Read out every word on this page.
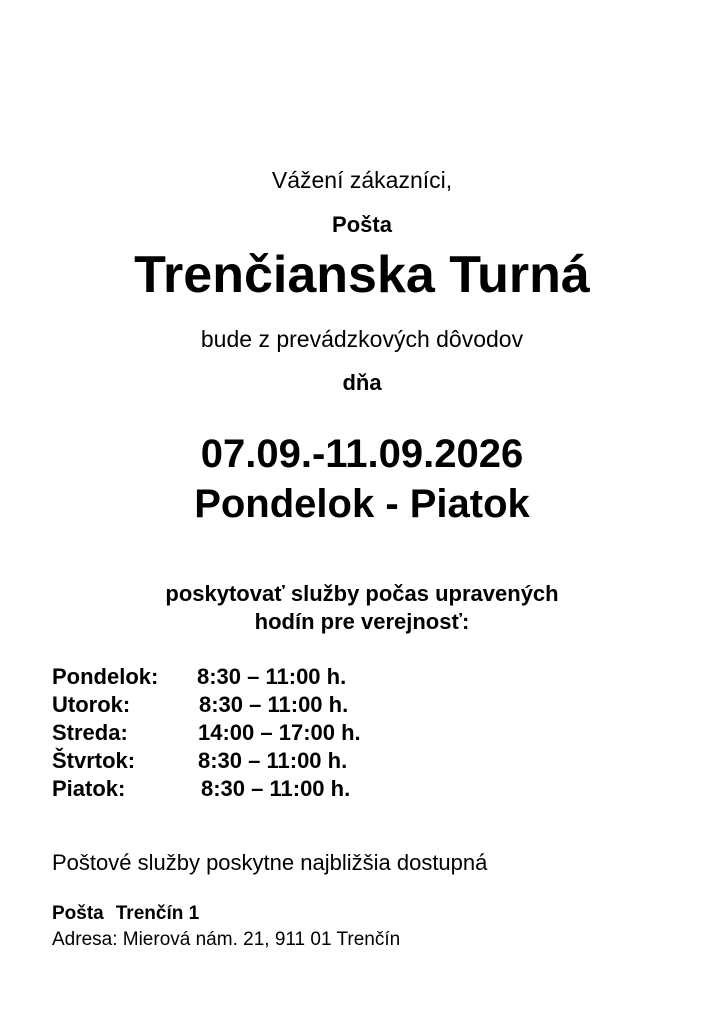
Vážení zákazníci,
Pošta
Trenčianska Turná
bude z prevádzkových dôvodov
dňa
07.09.-11.09.2026
Pondelok - Piatok
poskytovať služby počas upravených
hodín pre verejnosť:
Pondelok: 8:30 – 11:00 h.
Utorok:	8:30 – 11:00 h.
Streda:	14:00 – 17:00 h.
Štvrtok:	8:30 – 11:00 h.
Piatok:	8:30 – 11:00 h.
Poštové služby poskytne najbližšia dostupná
Pošta Trenčín 1
Adresa: Mierová nám. 21, 911 01 Trenčín
